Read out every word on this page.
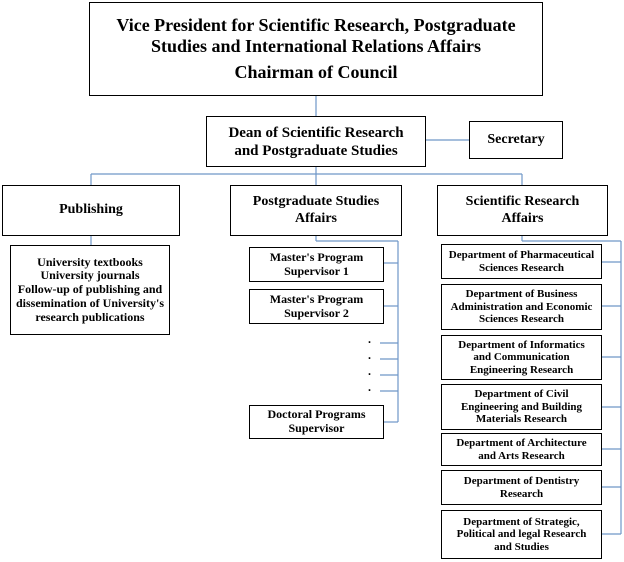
Vice President for Scientific Research, Postgraduate
Studies and International Relations Affairs
Chairman of Council
Dean of Scientific Research
and Postgraduate Studies
Secretary
Publishing
University textbooks
University journals
Follow-up of publishing and
dissemination of University's
research publications
Postgraduate Studies
Affairs
Master's Program
Supervisor 1
Master's Program
Supervisor 2
.
.
.
.
Doctoral Programs
Supervisor
Scientific Research
Affairs
Department of Pharmaceutical
Sciences Research
Department of Business
Administration and Economic
Sciences Research
Department of Informatics
and Communication
Engineering Research
Department of Civil
Engineering and Building
Materials Research
Department of Architecture
and Arts Research
Department of Dentistry
Research
Department of Strategic,
Political and legal Research
and Studies
